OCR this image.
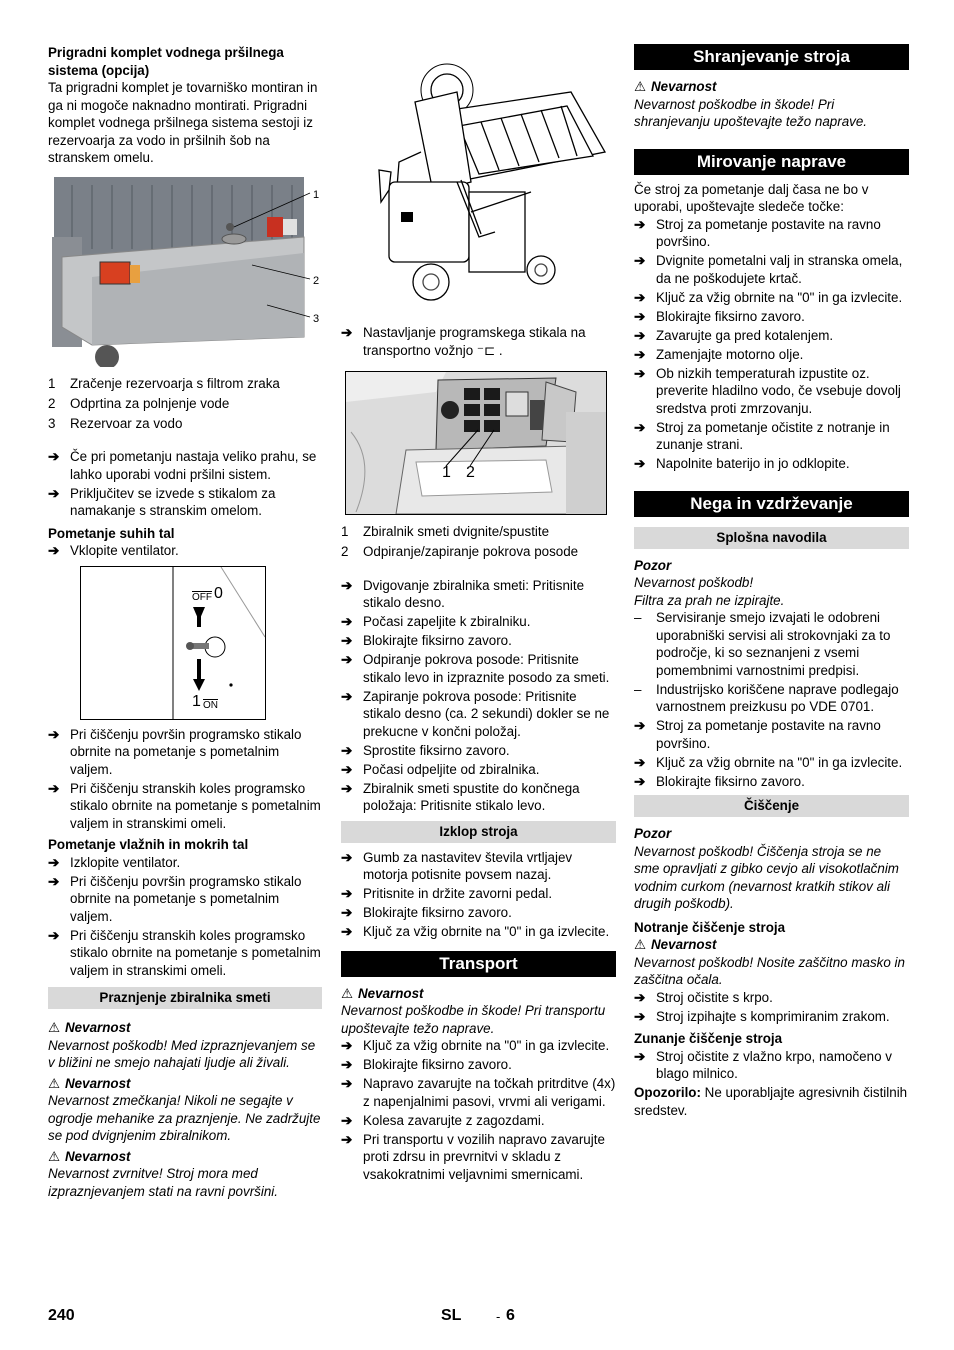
Prigradni komplet vodnega pršilnega sistema (opcija)

Ta prigradni komplet je tovarniško montiran in ga ni mogoče naknadno montirati. Prigradni komplet vodnega pršilnega sistema sestoji iz rezervoarja za vodo in pršilnih šob na stranskem omelu.

1
2
3

1 Zračenje rezervoarja s filtrom zraka

2 Odprtina za polnjenje vode

3 Rezervoar za vodo

➔ Če pri pometanju nastaja veliko prahu, se lahko uporabi vodni pršilni sistem.

➔ Priključitev se izvede s stikalom za namakanje s stranskim omelom.

Pometanje suhih tal

➔ Vklopite ventilator.

$\overline{OFF}$ 0
1 $\overline{ON}$

➔ Pri čiščenju površin programsko stikalo obrnite na pometanje s pometalnim valjem.

➔ Pri čiščenju stranskih koles programsko stikalo obrnite na pometanje s pometalnim valjem in stranskimi omeli.

Pometanje vlažnih in mokrih tal

➔ Izklopite ventilator.

➔ Pri čiščenju površin programsko stikalo obrnite na pometanje s pometalnim valjem.

➔ Pri čiščenju stranskih koles programsko stikalo obrnite na pometanje s pometalnim valjem in stranskimi omeli.

Praznjenje zbiralnika smeti

⚠ Nevarnost

Nevarnost poškodb! Med izpraznjevanjem se v bližini ne smejo nahajati ljudje ali živali.

⚠ Nevarnost

Nevarnost zmečkanja! Nikoli ne segajte v ogrodje mehanike za praznjenje. Ne zadržujte se pod dvignjenim zbiralnikom.

⚠ Nevarnost

Nevarnost zvrnitve! Stroj mora med izpraznjevanjem stati na ravni površini.

➔ Nastavljanje programskega stikala na transportno vožnjo ⁻⊏ .

1 2

1 Zbiralnik smeti dvignite/spustite

2 Odpiranje/zapiranje pokrova posode

➔ Dvigovanje zbiralnika smeti: Pritisnite stikalo desno.

➔ Počasi zapeljite k zbiralniku.

➔ Blokirajte fiksirno zavoro.

➔ Odpiranje pokrova posode: Pritisnite stikalo levo in izpraznite posodo za smeti.

➔ Zapiranje pokrova posode: Pritisnite stikalo desno (ca. 2 sekundi) dokler se ne prekucne v končni položaj.

➔ Sprostite fiksirno zavoro.

➔ Počasi odpeljite od zbiralnika.

➔ Zbiralnik smeti spustite do končnega položaja: Pritisnite stikalo levo.

Izklop stroja

➔ Gumb za nastavitev števila vrtljajev motorja potisnite povsem nazaj.

➔ Pritisnite in držite zavorni pedal.

➔ Blokirajte fiksirno zavoro.

➔ Ključ za vžig obrnite na "0" in ga izvlecite.

Transport

⚠ Nevarnost

Nevarnost poškodbe in škode! Pri transportu upoštevajte težo naprave.

➔ Ključ za vžig obrnite na "0" in ga izvlecite.

➔ Blokirajte fiksirno zavoro.

➔ Napravo zavarujte na točkah pritrditve (4x) z napenjalnimi pasovi, vrvmi ali verigami.

➔ Kolesa zavarujte z zagozdami.

➔ Pri transportu v vozilih napravo zavarujte proti zdrsu in prevrnitvi v skladu z vsakokratnimi veljavnimi smernicami.

Shranjevanje stroja

⚠ Nevarnost

Nevarnost poškodbe in škode! Pri shranjevanju upoštevajte težo naprave.

Mirovanje naprave

Če stroj za pometanje dalj časa ne bo v uporabi, upoštevajte sledeče točke:

➔ Stroj za pometanje postavite na ravno površino.

➔ Dvignite pometalni valj in stranska omela, da ne poškodujete krtač.

➔ Ključ za vžig obrnite na "0" in ga izvlecite.

➔ Blokirajte fiksirno zavoro.

➔ Zavarujte ga pred kotalenjem.

➔ Zamenjajte motorno olje.

➔ Ob nizkih temperaturah izpustite oz. preverite hladilno vodo, če vsebuje dovolj sredstva proti zmrzovanju.

➔ Stroj za pometanje očistite z notranje in zunanje strani.

➔ Napolnite baterijo in jo odklopite.

Nega in vzdrževanje
Splošna navodila

Pozor

Nevarnost poškodb!

Filtra za prah ne izpirajte.

– Servisiranje smejo izvajati le odobreni uporabniški servisi ali strokovnjaki za to področje, ki so seznanjeni z vsemi pomembnimi varnostnimi predpisi.

– Industrijsko koriščene naprave podlegajo varnostnem preizkusu po VDE 0701.

➔ Stroj za pometanje postavite na ravno površino.

➔ Ključ za vžig obrnite na "0" in ga izvlecite.

➔ Blokirajte fiksirno zavoro.

Čiščenje

Pozor

Nevarnost poškodb! Čiščenja stroja se ne sme opravljati z gibko cevjo ali visokotlačnim vodnim curkom (nevarnost kratkih stikov ali drugih poškodb).

Notranje čiščenje stroja

⚠ Nevarnost

Nevarnost poškodb! Nosite zaščitno masko in zaščitna očala.

➔ Stroj očistite s krpo.

➔ Stroj izpihajte s komprimiranim zrakom.

Zunanje čiščenje stroja

➔ Stroj očistite z vlažno krpo, namočeno v blago milnico.

Opozorilo: Ne uporabljajte agresivnih čistilnih sredstev.

240	SL	- 6
